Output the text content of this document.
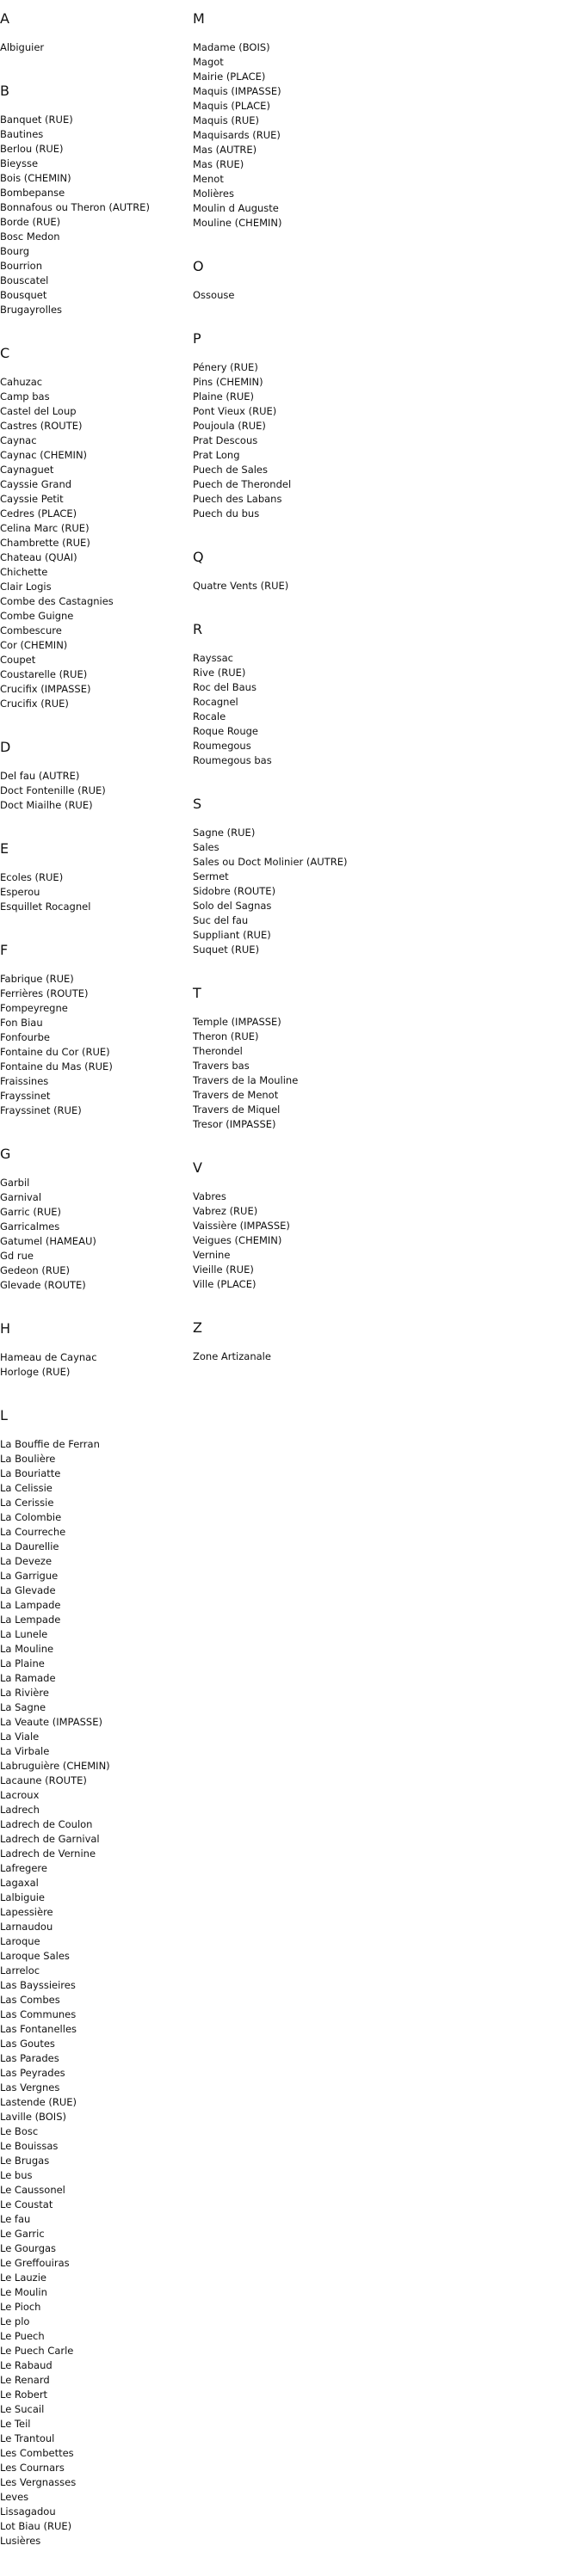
A
Albiguier
B
Banquet (RUE)
Bautines
Berlou (RUE)
Bieysse
Bois (CHEMIN)
Bombepanse
Bonnafous ou Theron (AUTRE)
Borde (RUE)
Bosc Medon
Bourg
Bourrion
Bouscatel
Bousquet
Brugayrolles
C
Cahuzac
Camp bas
Castel del Loup
Castres (ROUTE)
Caynac
Caynac (CHEMIN)
Caynaguet
Cayssie Grand
Cayssie Petit
Cedres (PLACE)
Celina Marc (RUE)
Chambrette (RUE)
Chateau (QUAI)
Chichette
Clair Logis
Combe des Castagnies
Combe Guigne
Combescure
Cor (CHEMIN)
Coupet
Coustarelle (RUE)
Crucifix (IMPASSE)
Crucifix (RUE)
D
Del fau (AUTRE)
Doct Fontenille (RUE)
Doct Miailhe (RUE)
E
Ecoles (RUE)
Esperou
Esquillet Rocagnel
F
Fabrique (RUE)
Ferrières (ROUTE)
Fompeyregne
Fon Biau
Fonfourbe
Fontaine du Cor (RUE)
Fontaine du Mas (RUE)
Fraissines
Frayssinet
Frayssinet (RUE)
G
Garbil
Garnival
Garric (RUE)
Garricalmes
Gatumel (HAMEAU)
Gd rue
Gedeon (RUE)
Glevade (ROUTE)
H
Hameau de Caynac
Horloge (RUE)
L
La Bouffie de Ferran
La Boulière
La Bouriatte
La Celissie
La Cerissie
La Colombie
La Courreche
La Daurellie
La Deveze
La Garrigue
La Glevade
La Lampade
La Lempade
La Lunele
La Mouline
La Plaine
La Ramade
La Rivière
La Sagne
La Veaute (IMPASSE)
La Viale
La Virbale
Labruguière (CHEMIN)
Lacaune (ROUTE)
Lacroux
Ladrech
Ladrech de Coulon
Ladrech de Garnival
Ladrech de Vernine
Lafregere
Lagaxal
Lalbiguie
Lapessière
Larnaudou
Laroque
Laroque Sales
Larreloc
Las Bayssieires
Las Combes
Las Communes
Las Fontanelles
Las Goutes
Las Parades
Las Peyrades
Las Vergnes
Lastende (RUE)
Laville (BOIS)
Le Bosc
Le Bouissas
Le Brugas
Le bus
Le Caussonel
Le Coustat
Le fau
Le Garric
Le Gourgas
Le Greffouiras
Le Lauzie
Le Moulin
Le Pioch
Le plo
Le Puech
Le Puech Carle
Le Rabaud
Le Renard
Le Robert
Le Sucail
Le Teil
Le Trantoul
Les Combettes
Les Cournars
Les Vergnasses
Leves
Lissagadou
Lot Biau (RUE)
Lusières
M
Madame (BOIS)
Magot
Mairie (PLACE)
Maquis (IMPASSE)
Maquis (PLACE)
Maquis (RUE)
Maquisards (RUE)
Mas (AUTRE)
Mas (RUE)
Menot
Molières
Moulin d Auguste
Mouline (CHEMIN)
O
Ossouse
P
Pénery (RUE)
Pins (CHEMIN)
Plaine (RUE)
Pont Vieux (RUE)
Poujoula (RUE)
Prat Descous
Prat Long
Puech de Sales
Puech de Therondel
Puech des Labans
Puech du bus
Q
Quatre Vents (RUE)
R
Rayssac
Rive (RUE)
Roc del Baus
Rocagnel
Rocale
Roque Rouge
Roumegous
Roumegous bas
S
Sagne (RUE)
Sales
Sales ou Doct Molinier (AUTRE)
Sermet
Sidobre (ROUTE)
Solo del Sagnas
Suc del fau
Suppliant (RUE)
Suquet (RUE)
T
Temple (IMPASSE)
Theron (RUE)
Therondel
Travers bas
Travers de la Mouline
Travers de Menot
Travers de Miquel
Tresor (IMPASSE)
V
Vabres
Vabrez (RUE)
Vaissière (IMPASSE)
Veigues (CHEMIN)
Vernine
Vieille (RUE)
Ville (PLACE)
Z
Zone Artizanale
